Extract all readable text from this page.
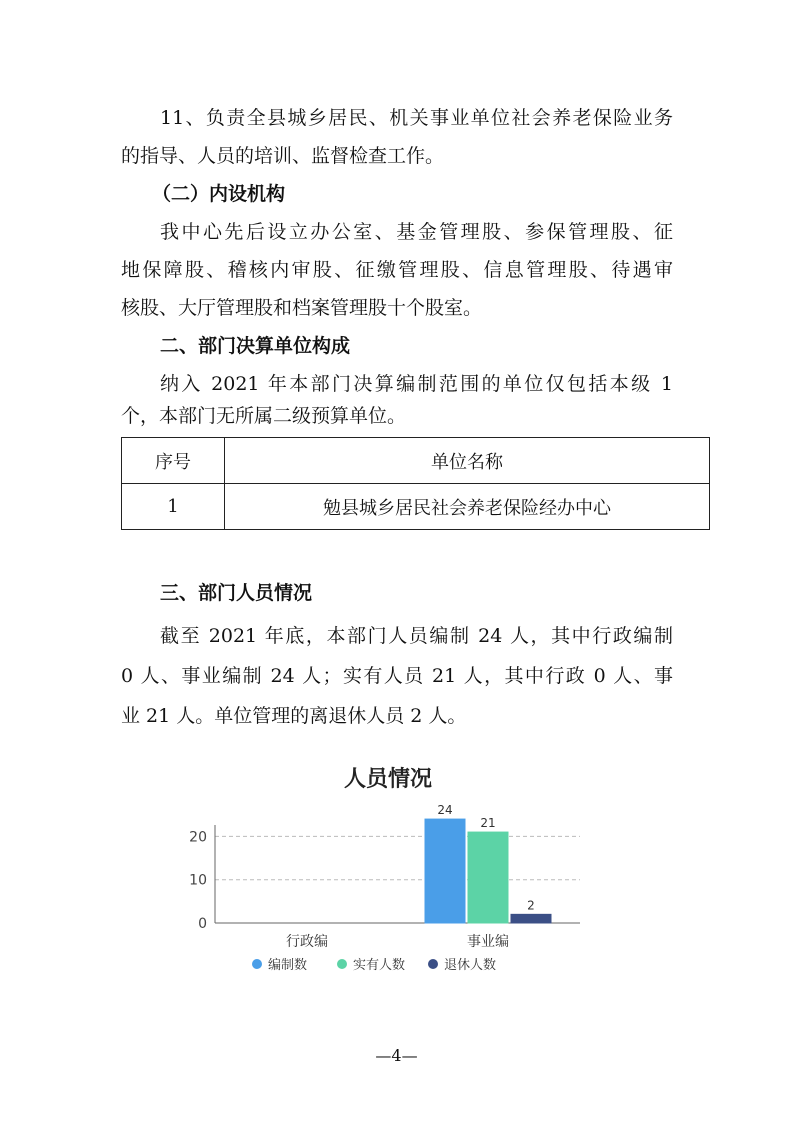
11、负责全县城乡居民、机关事业单位社会养老保险业务
的指导、人员的培训、监督检查工作。
（二）内设机构
我中心先后设立办公室、基金管理股、参保管理股、征
地保障股、稽核内审股、征缴管理股、信息管理股、待遇审
核股、大厅管理股和档案管理股十个股室。
二、部门决算单位构成
纳入 2021 年本部门决算编制范围的单位仅包括本级 1
个，本部门无所属二级预算单位。
序号	单位名称
1	勉县城乡居民社会养老保险经办中心
三、部门人员情况
截至 2021 年底，本部门人员编制 24 人，其中行政编制
0 人、事业编制 24 人；实有人员 21 人，其中行政 0 人、事
业 21 人。单位管理的离退休人员 2 人。
人员情况
0
10
20
行政编	事业编
24
21
2
编制数	实有人数	退休人数
—4—
